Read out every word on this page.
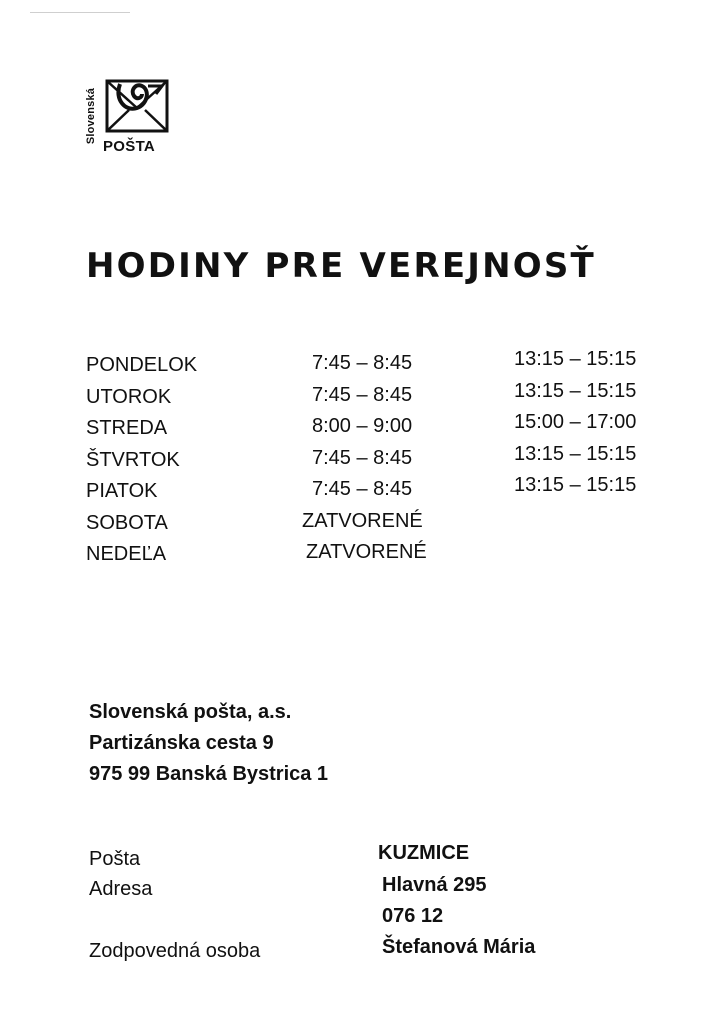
Slovenská
POŠTA
HODINY PRE VEREJNOSŤ
PONDELOK	7:45 – 8:45	13:15 – 15:15
UTOROK	7:45 – 8:45	13:15 – 15:15
STREDA	8:00 – 9:00	15:00 – 17:00
ŠTVRTOK	7:45 – 8:45	13:15 – 15:15
PIATOK	7:45 – 8:45	13:15 – 15:15
SOBOTA	ZATVORENÉ
NEDEĽA	ZATVORENÉ
Slovenská pošta, a.s.
Partizánska cesta 9
975 99 Banská Bystrica 1
Pošta	KUZMICE
Adresa	Hlavná 295
076 12
Zodpovedná osoba	Štefanová Mária
